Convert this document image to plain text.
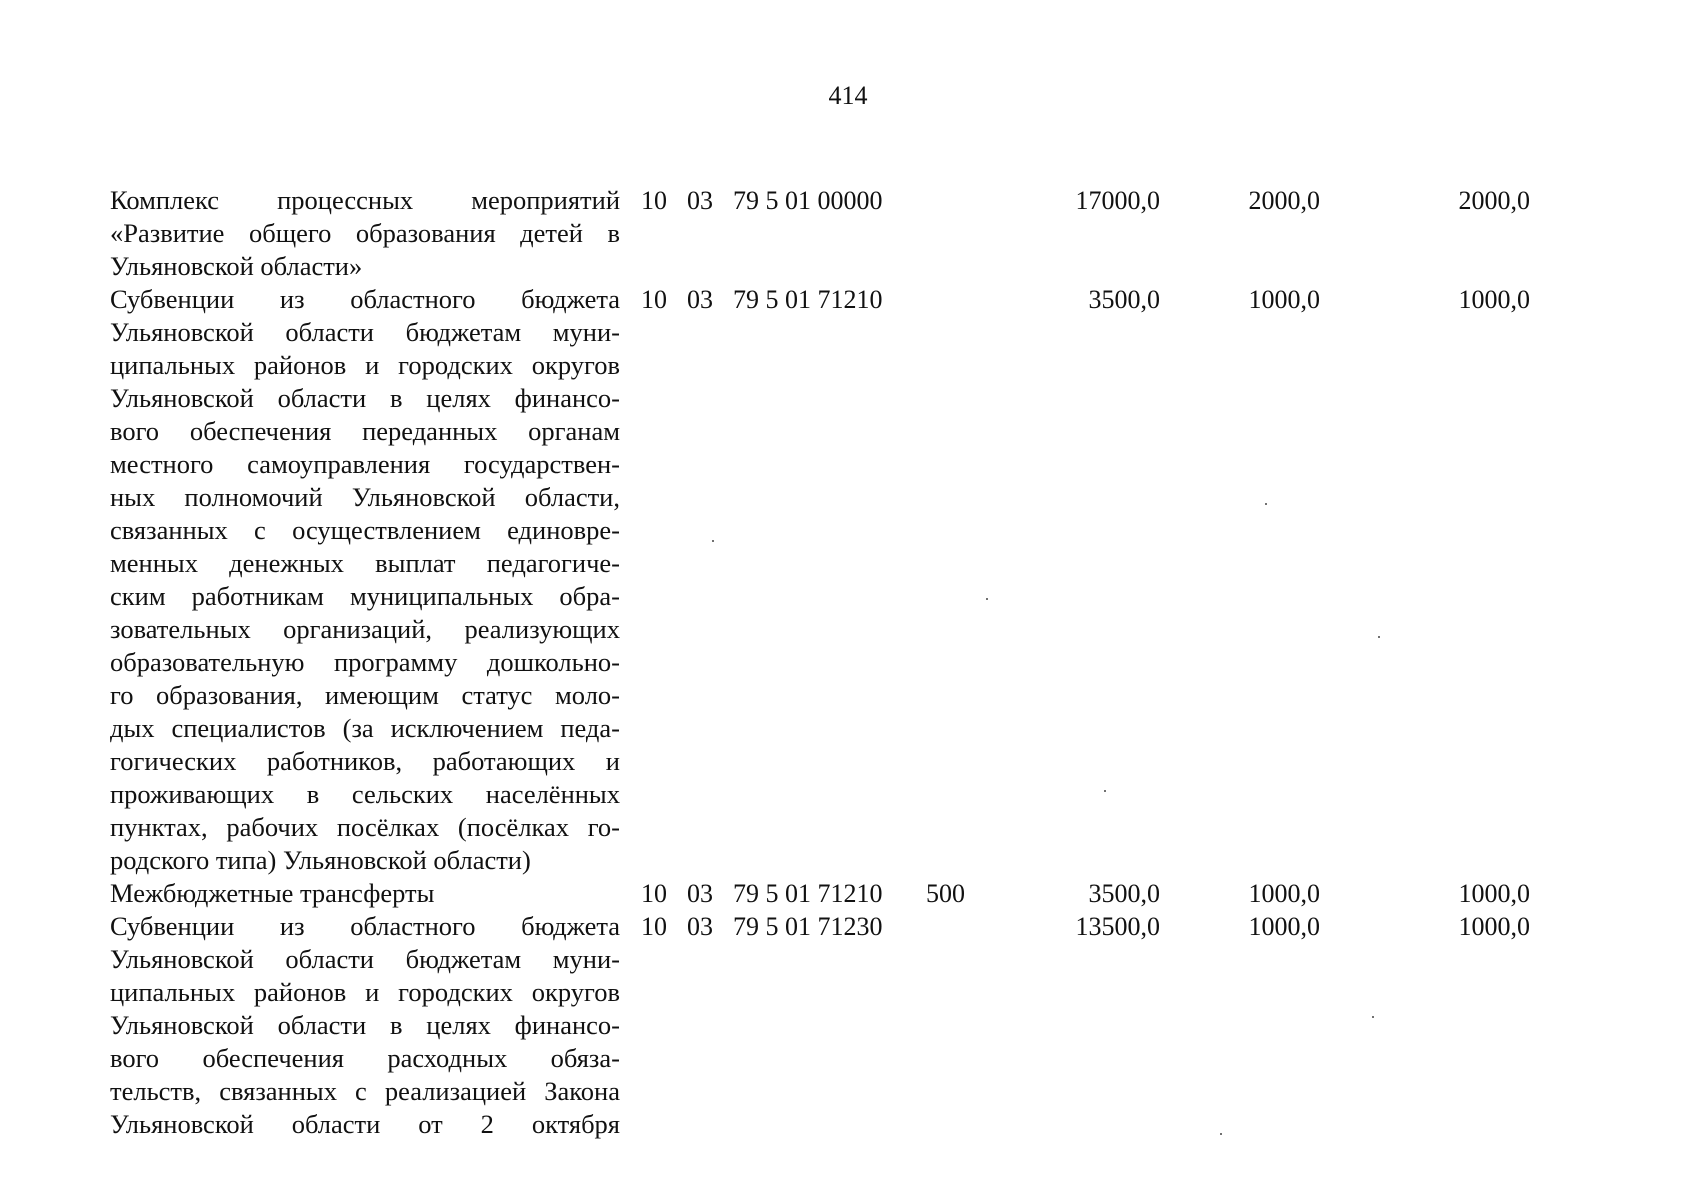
414
Комплекс процессных мероприятий
«Развитие общего образования детей в
Ульяновской области»
10 03 79 5 01 00000	17000,0	2000,0	2000,0
Субвенции из областного бюджета
Ульяновской области бюджетам муни-
ципальных районов и городских округов
Ульяновской области в целях финансо-
вого обеспечения переданных органам
местного самоуправления государствен-
ных полномочий Ульяновской области,
связанных с осуществлением единовре-
менных денежных выплат педагогиче-
ским работникам муниципальных обра-
зовательных организаций, реализующих
образовательную программу дошкольно-
го образования, имеющим статус моло-
дых специалистов (за исключением педа-
гогических работников, работающих и
проживающих в сельских населённых
пунктах, рабочих посёлках (посёлках го-
родского типа) Ульяновской области)
10 03 79 5 01 71210	3500,0	1000,0	1000,0
Межбюджетные трансферты	10 03 79 5 01 71210 500	3500,0	1000,0	1000,0
Субвенции из областного бюджета
Ульяновской области бюджетам муни-
ципальных районов и городских округов
Ульяновской области в целях финансо-
вого обеспечения расходных обяза-
тельств, связанных с реализацией Закона
Ульяновской области от 2 октября
10 03 79 5 01 71230	13500,0	1000,0	1000,0
